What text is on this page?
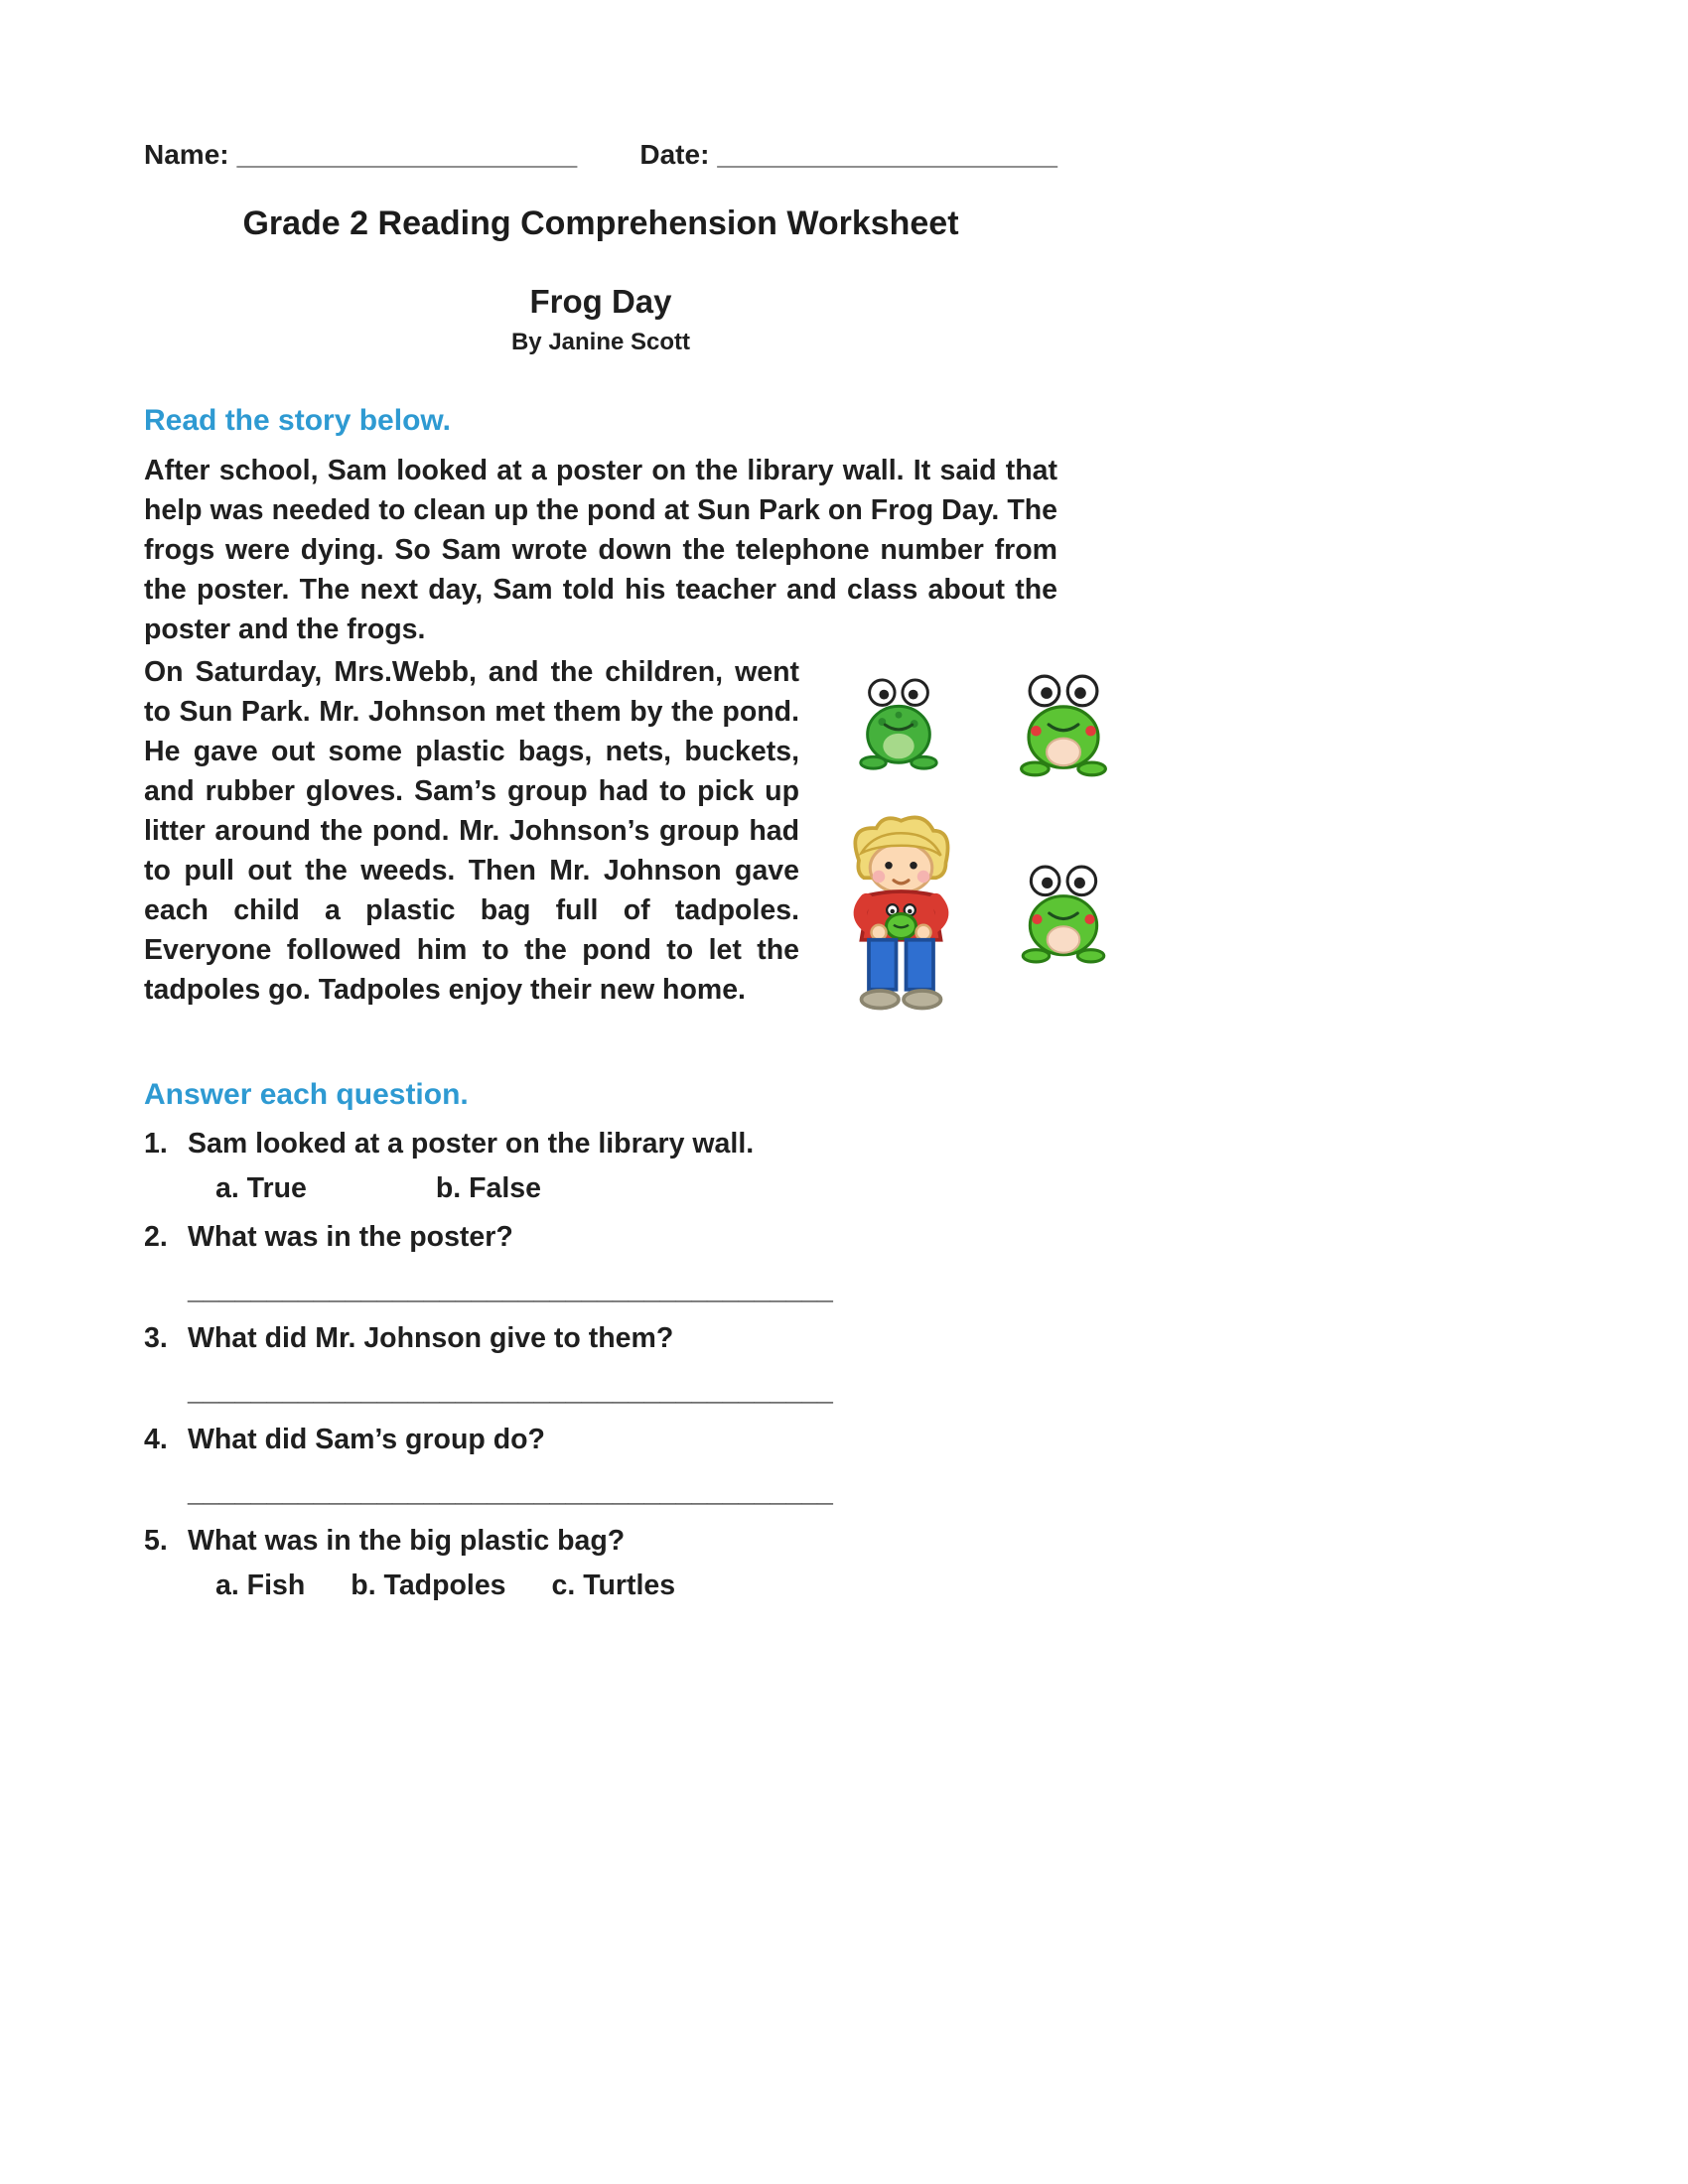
Name: ______________________ Date: ______________________
Grade 2 Reading Comprehension Worksheet
Frog Day
By Janine Scott
Read the story below.

After school, Sam looked at a poster on the library wall. It said that help was needed to clean up the pond at Sun Park on Frog Day. The frogs were dying. So Sam wrote down the telephone number from the poster. The next day, Sam told his teacher and class about the poster and the frogs.

On Saturday, Mrs.Webb, and the children, went to Sun Park. Mr. Johnson met them by the pond. He gave out some plastic bags, nets, buckets, and rubber gloves. Sam’s group had to pick up litter around the pond. Mr. Johnson’s group had to pull out the weeds. Then Mr. Johnson gave each child a plastic bag full of tadpoles. Everyone followed him to the pond to let the tadpoles go. Tadpoles enjoy their new home.

Answer each question.
1. Sam looked at a poster on the library wall.
a. True	b. False
2. What was in the poster?
_________________________________________
3. What did Mr. Johnson give to them?
_________________________________________
4. What did Sam’s group do?
_________________________________________
5. What was in the big plastic bag?
a. Fish b. Tadpoles c. Turtles
